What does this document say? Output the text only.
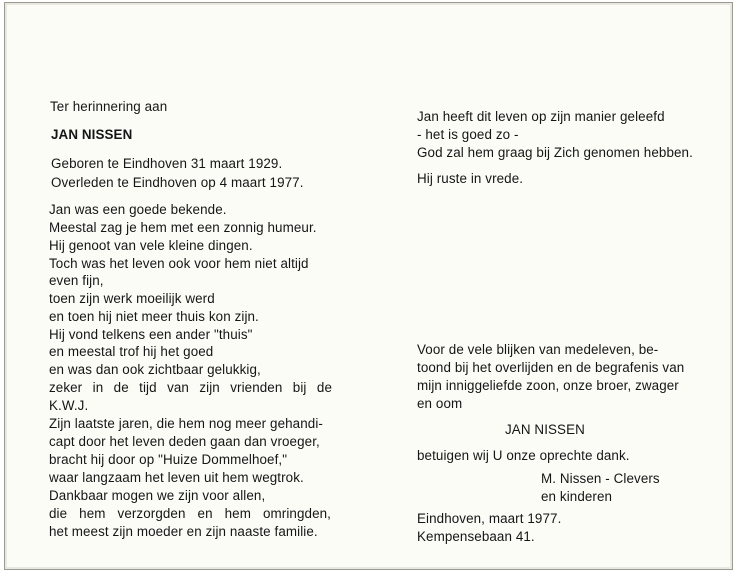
Ter herinnering aan
JAN NISSEN
Geboren te Eindhoven 31 maart 1929.
Overleden te Eindhoven op 4 maart 1977.
Jan was een goede bekende.
Meestal zag je hem met een zonnig humeur.
Hij genoot van vele kleine dingen.
Toch was het leven ook voor hem niet altijd
even fijn,
toen zijn werk moeilijk werd
en toen hij niet meer thuis kon zijn.
Hij vond telkens een ander "thuis"
en meestal trof hij het goed
en was dan ook zichtbaar gelukkig,
zeker in de tijd van zijn vrienden bij de
K.W.J.
Zijn laatste jaren, die hem nog meer gehandi-
capt door het leven deden gaan dan vroeger,
bracht hij door op "Huize Dommelhoef,"
waar langzaam het leven uit hem wegtrok.
Dankbaar mogen we zijn voor allen,
die hem verzorgden en hem omringden,
het meest zijn moeder en zijn naaste familie.
Jan heeft dit leven op zijn manier geleefd
- het is goed zo -
God zal hem graag bij Zich genomen hebben.
Hij ruste in vrede.
Voor de vele blijken van medeleven, be-
toond bij het overlijden en de begrafenis van
mijn inniggeliefde zoon, onze broer, zwager
en oom
JAN NISSEN
betuigen wij U onze oprechte dank.
M. Nissen - Clevers
en kinderen
Eindhoven, maart 1977.
Kempensebaan 41.
